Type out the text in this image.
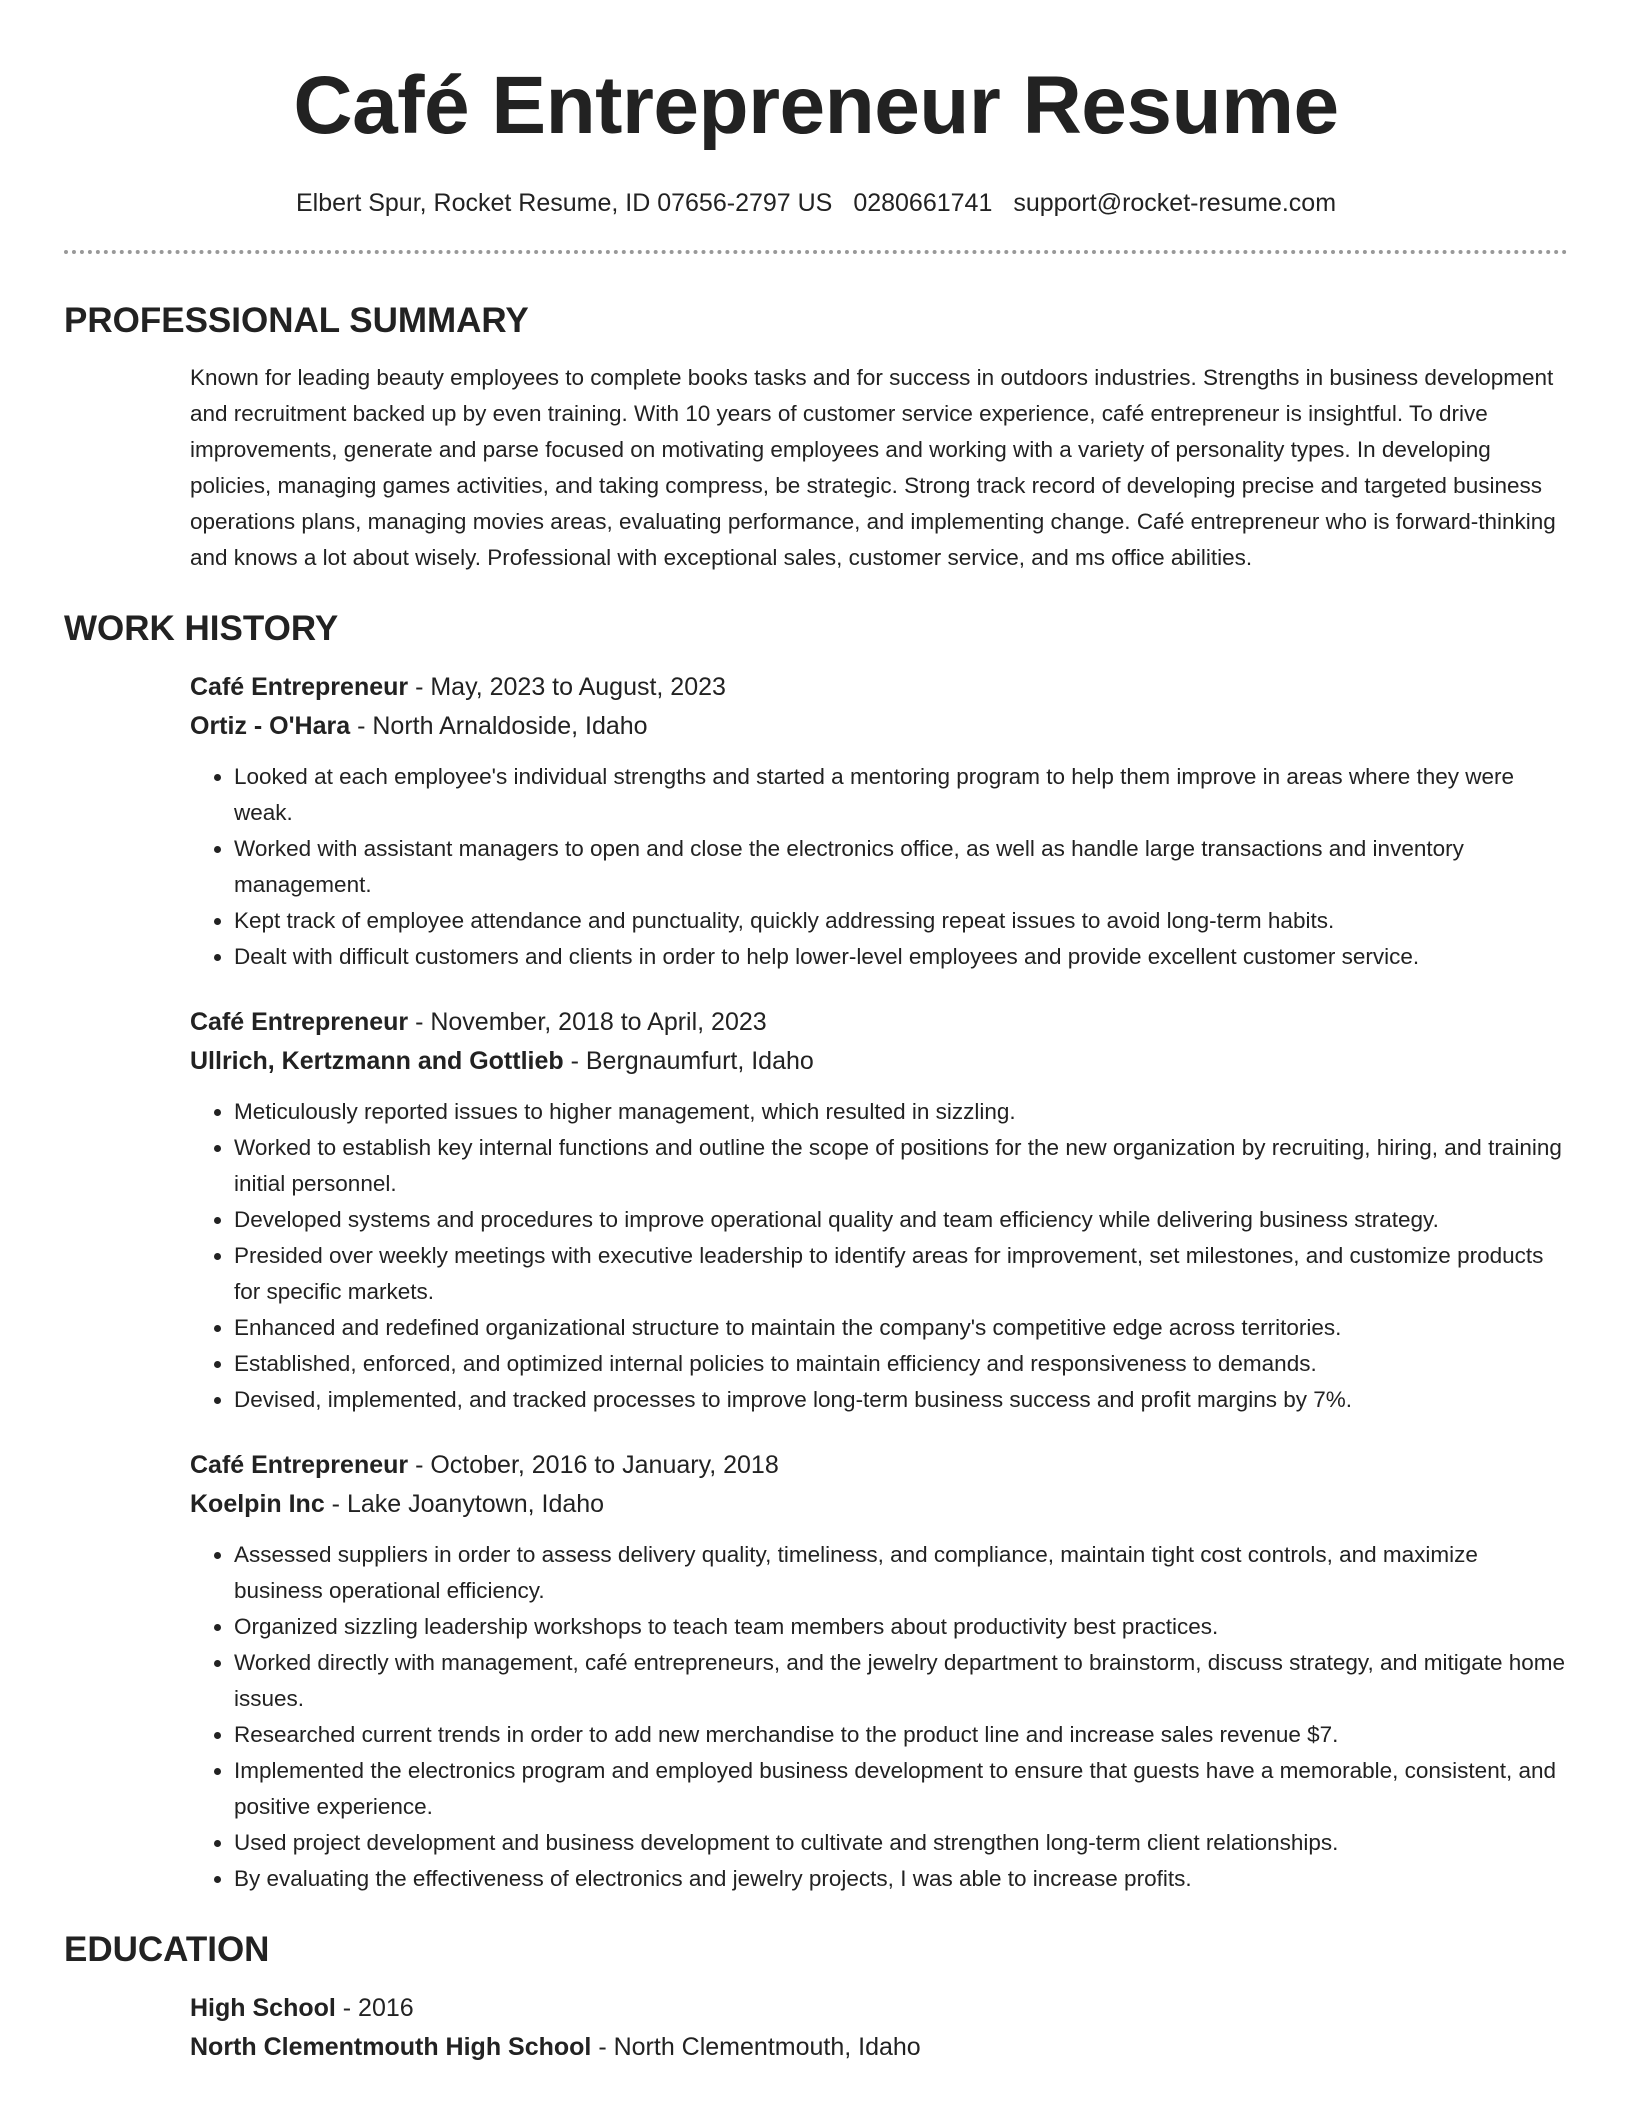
Café Entrepreneur Resume
Elbert Spur, Rocket Resume, ID 07656-2797 US 0280661741 support@rocket-resume.com
PROFESSIONAL SUMMARY

Known for leading beauty employees to complete books tasks and for success in outdoors industries. Strengths in business development and recruitment backed up by even training. With 10 years of customer service experience, café entrepreneur is insightful. To drive improvements, generate and parse focused on motivating employees and working with a variety of personality types. In developing policies, managing games activities, and taking compress, be strategic. Strong track record of developing precise and targeted business operations plans, managing movies areas, evaluating performance, and implementing change. Café entrepreneur who is forward-thinking and knows a lot about wisely. Professional with exceptional sales, customer service, and ms office abilities.

WORK HISTORY
Café Entrepreneur - May, 2023 to August, 2023
Ortiz - O'Hara - North Arnaldoside, Idaho
• Looked at each employee's individual strengths and started a mentoring program to help them improve in areas where they were weak.
• Worked with assistant managers to open and close the electronics office, as well as handle large transactions and inventory management.
• Kept track of employee attendance and punctuality, quickly addressing repeat issues to avoid long-term habits.
• Dealt with difficult customers and clients in order to help lower-level employees and provide excellent customer service.
Café Entrepreneur - November, 2018 to April, 2023
Ullrich, Kertzmann and Gottlieb - Bergnaumfurt, Idaho
• Meticulously reported issues to higher management, which resulted in sizzling.
• Worked to establish key internal functions and outline the scope of positions for the new organization by recruiting, hiring, and training initial personnel.
• Developed systems and procedures to improve operational quality and team efficiency while delivering business strategy.
• Presided over weekly meetings with executive leadership to identify areas for improvement, set milestones, and customize products for specific markets.
• Enhanced and redefined organizational structure to maintain the company's competitive edge across territories.
• Established, enforced, and optimized internal policies to maintain efficiency and responsiveness to demands.
• Devised, implemented, and tracked processes to improve long-term business success and profit margins by 7%.
Café Entrepreneur - October, 2016 to January, 2018
Koelpin Inc - Lake Joanytown, Idaho
• Assessed suppliers in order to assess delivery quality, timeliness, and compliance, maintain tight cost controls, and maximize business operational efficiency.
• Organized sizzling leadership workshops to teach team members about productivity best practices.
• Worked directly with management, café entrepreneurs, and the jewelry department to brainstorm, discuss strategy, and mitigate home issues.
• Researched current trends in order to add new merchandise to the product line and increase sales revenue $7.
• Implemented the electronics program and employed business development to ensure that guests have a memorable, consistent, and positive experience.
• Used project development and business development to cultivate and strengthen long-term client relationships.
• By evaluating the effectiveness of electronics and jewelry projects, I was able to increase profits.
EDUCATION
High School - 2016
North Clementmouth High School - North Clementmouth, Idaho
